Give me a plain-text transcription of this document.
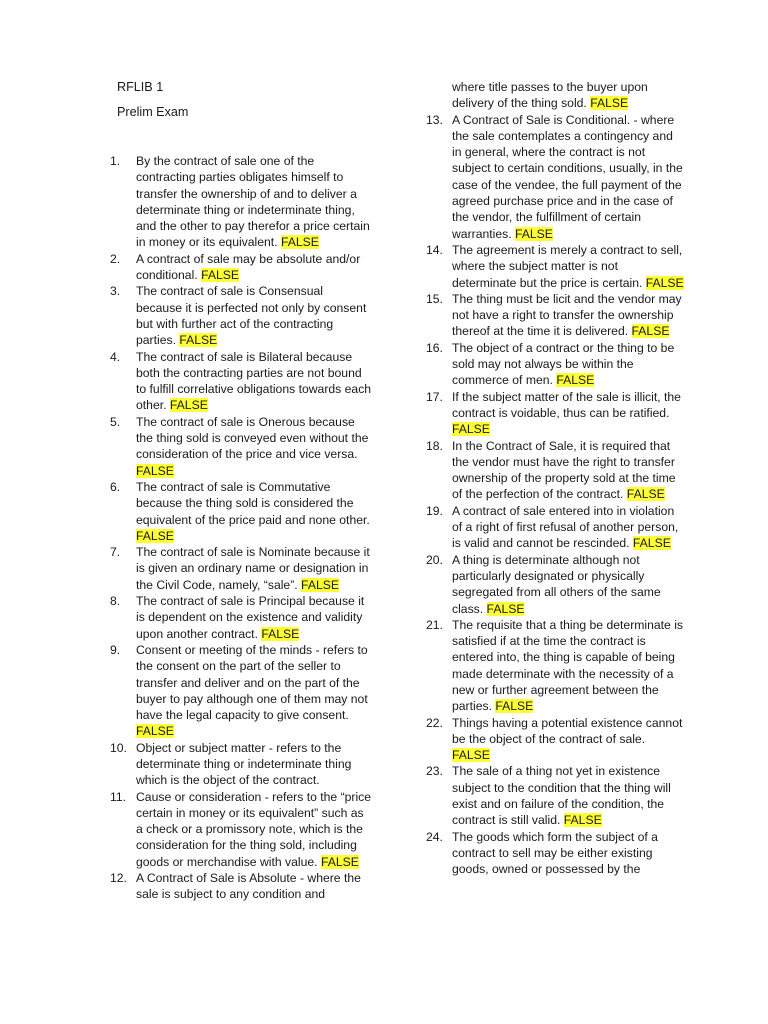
RFLIB 1
Prelim Exam

1. By the contract of sale one of the contracting parties obligates himself to transfer the ownership of and to deliver a determinate thing or indeterminate thing, and the other to pay therefor a price certain in money or its equivalent. FALSE

2. A contract of sale may be absolute and/or conditional. FALSE

3. The contract of sale is Consensual because it is perfected not only by consent but with further act of the contracting parties. FALSE

4. The contract of sale is Bilateral because both the contracting parties are not bound to fulfill correlative obligations towards each other. FALSE

5. The contract of sale is Onerous because the thing sold is conveyed even without the consideration of the price and vice versa. FALSE

6. The contract of sale is Commutative because the thing sold is considered the equivalent of the price paid and none other. FALSE

7. The contract of sale is Nominate because it is given an ordinary name or designation in the Civil Code, namely, “sale”. FALSE

8. The contract of sale is Principal because it is dependent on the existence and validity upon another contract. FALSE

9. Consent or meeting of the minds - refers to the consent on the part of the seller to transfer and deliver and on the part of the buyer to pay although one of them may not have the legal capacity to give consent. FALSE

10. Object or subject matter - refers to the determinate thing or indeterminate thing which is the object of the contract.

11. Cause or consideration - refers to the “price certain in money or its equivalent” such as a check or a promissory note, which is the consideration for the thing sold, including goods or merchandise with value. FALSE

12. A Contract of Sale is Absolute - where the sale is subject to any condition and

where title passes to the buyer upon delivery of the thing sold. FALSE

13. A Contract of Sale is Conditional. - where the sale contemplates a contingency and in general, where the contract is not subject to certain conditions, usually, in the case of the vendee, the full payment of the agreed purchase price and in the case of the vendor, the fulfillment of certain warranties. FALSE

14. The agreement is merely a contract to sell, where the subject matter is not determinate but the price is certain. FALSE

15. The thing must be licit and the vendor may not have a right to transfer the ownership thereof at the time it is delivered. FALSE

16. The object of a contract or the thing to be sold may not always be within the commerce of men. FALSE

17. If the subject matter of the sale is illicit, the contract is voidable, thus can be ratified. FALSE

18. In the Contract of Sale, it is required that the vendor must have the right to transfer ownership of the property sold at the time of the perfection of the contract. FALSE

19. A contract of sale entered into in violation of a right of first refusal of another person, is valid and cannot be rescinded. FALSE

20. A thing is determinate although not particularly designated or physically segregated from all others of the same class. FALSE

21. The requisite that a thing be determinate is satisfied if at the time the contract is entered into, the thing is capable of being made determinate with the necessity of a new or further agreement between the parties. FALSE

22. Things having a potential existence cannot be the object of the contract of sale. FALSE

23. The sale of a thing not yet in existence subject to the condition that the thing will exist and on failure of the condition, the contract is still valid. FALSE

24. The goods which form the subject of a contract to sell may be either existing goods, owned or possessed by the
